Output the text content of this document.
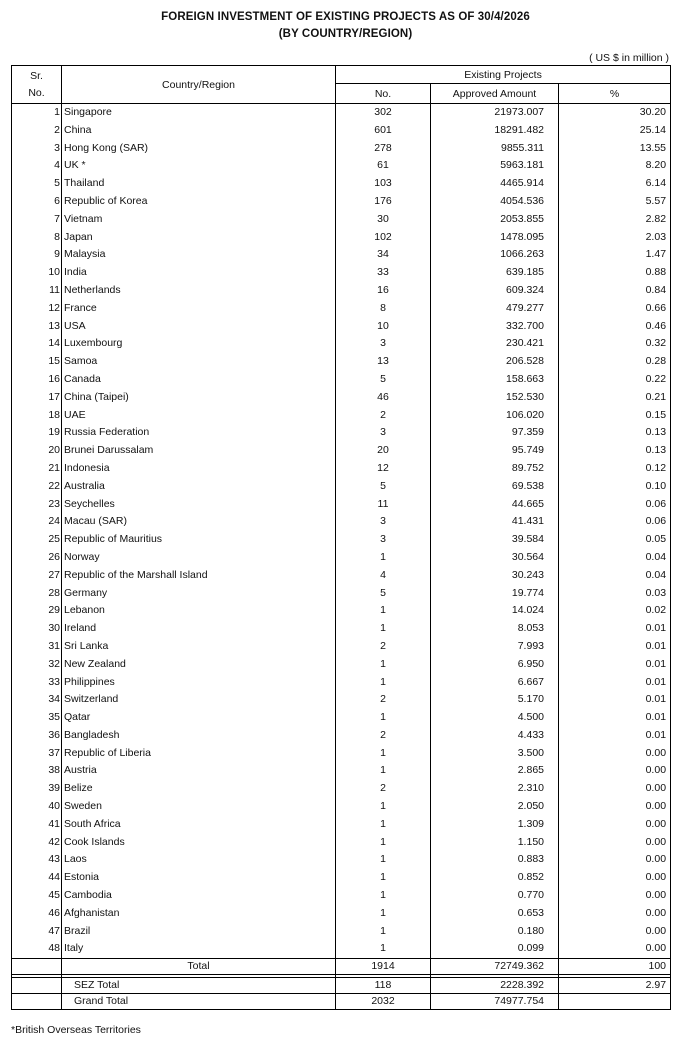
FOREIGN INVESTMENT OF EXISTING PROJECTS AS OF 30/4/2026
(BY COUNTRY/REGION)
( US $ in million )
Sr.
No.	Country/Region	Existing Projects		
		No.	Approved Amount	%
1	Singapore	302	21973.007	30.20
2	China	601	18291.482	25.14
3	Hong Kong (SAR)	278	9855.311	13.55
4	UK *	61	5963.181	8.20
5	Thailand	103	4465.914	6.14
6	Republic of Korea	176	4054.536	5.57
7	Vietnam	30	2053.855	2.82
8	Japan	102	1478.095	2.03
9	Malaysia	34	1066.263	1.47
10	India	33	639.185	0.88
11	Netherlands	16	609.324	0.84
12	France	8	479.277	0.66
13	USA	10	332.700	0.46
14	Luxembourg	3	230.421	0.32
15	Samoa	13	206.528	0.28
16	Canada	5	158.663	0.22
17	China (Taipei)	46	152.530	0.21
18	UAE	2	106.020	0.15
19	Russia Federation	3	97.359	0.13
20	Brunei Darussalam	20	95.749	0.13
21	Indonesia	12	89.752	0.12
22	Australia	5	69.538	0.10
23	Seychelles	11	44.665	0.06
24	Macau (SAR)	3	41.431	0.06
25	Republic of Mauritius	3	39.584	0.05
26	Norway	1	30.564	0.04
27	Republic of the Marshall Island	4	30.243	0.04
28	Germany	5	19.774	0.03
29	Lebanon	1	14.024	0.02
30	Ireland	1	8.053	0.01
31	Sri Lanka	2	7.993	0.01
32	New Zealand	1	6.950	0.01
33	Philippines	1	6.667	0.01
34	Switzerland	2	5.170	0.01
35	Qatar	1	4.500	0.01
36	Bangladesh	2	4.433	0.01
37	Republic of Liberia	1	3.500	0.00
38	Austria	1	2.865	0.00
39	Belize	2	2.310	0.00
40	Sweden	1	2.050	0.00
41	South Africa	1	1.309	0.00
42	Cook Islands	1	1.150	0.00
43	Laos	1	0.883	0.00
44	Estonia	1	0.852	0.00
45	Cambodia	1	0.770	0.00
46	Afghanistan	1	0.653	0.00
47	Brazil	1	0.180	0.00
48	Italy	1	0.099	0.00
	Total	1914	72749.362	100

	SEZ Total	118	2228.392	2.97
	Grand Total	2032	74977.754	
*British Overseas Territories
